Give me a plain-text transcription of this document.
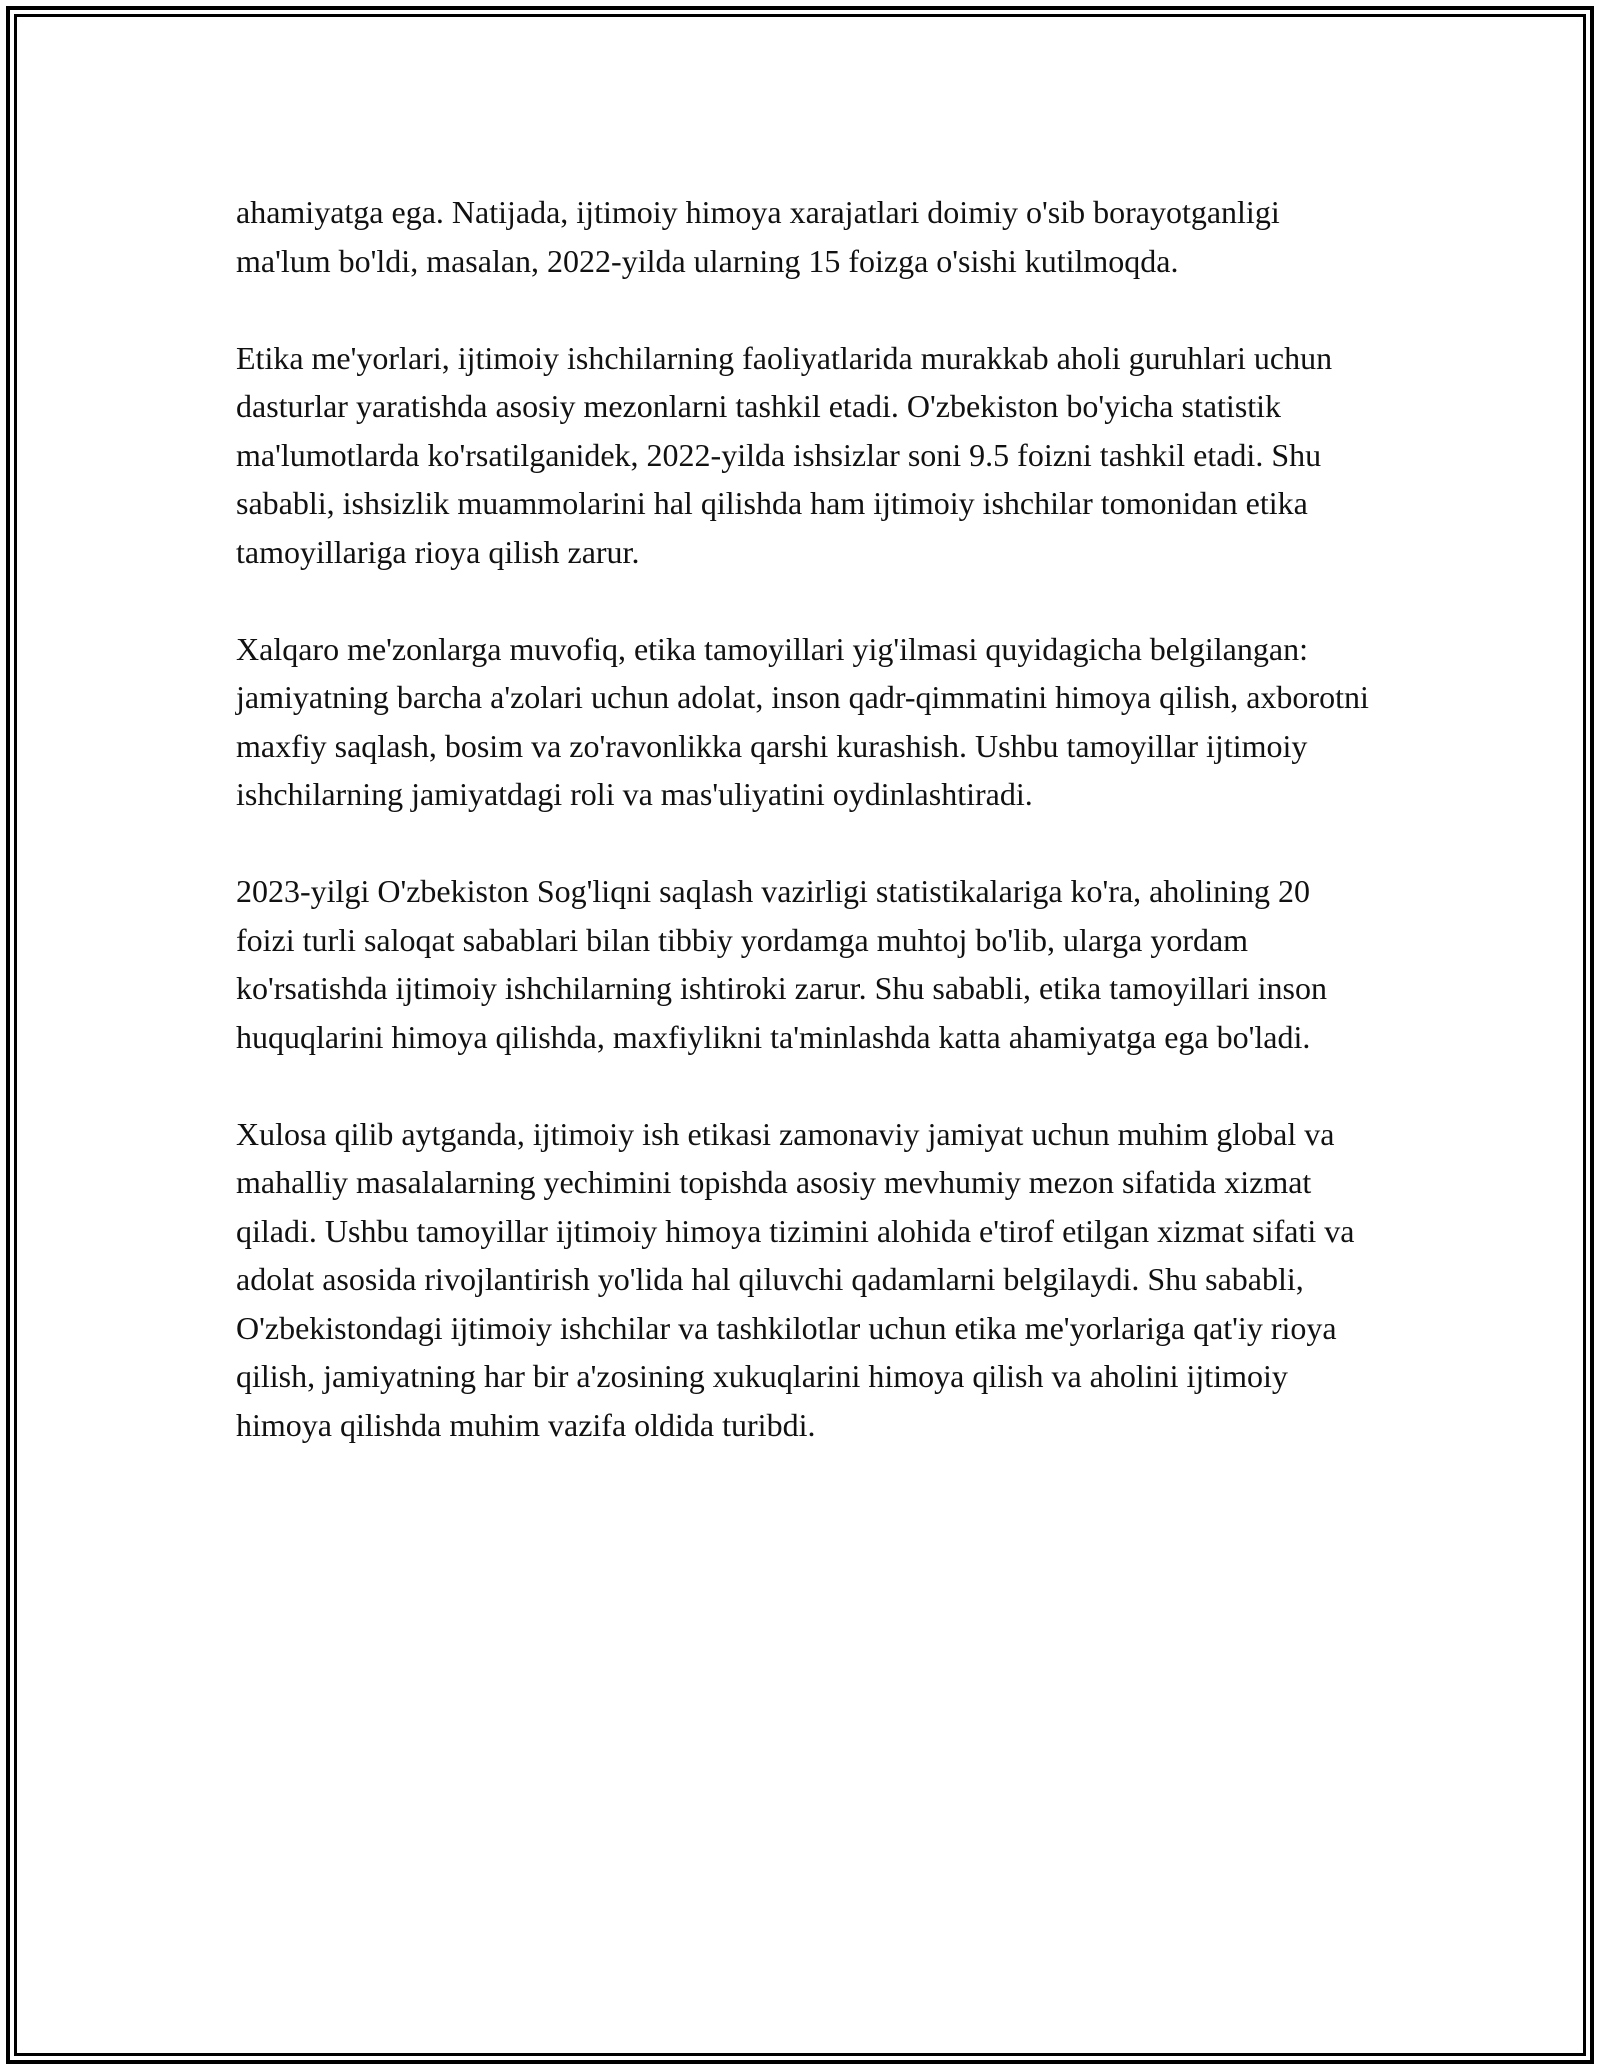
ahamiyatga ega. Natijada, ijtimoiy himoya xarajatlari doimiy o'sib borayotganligi ma'lum bo'ldi, masalan, 2022-yilda ularning 15 foizga o'sishi kutilmoqda.

Etika me'yorlari, ijtimoiy ishchilarning faoliyatlarida murakkab aholi guruhlari uchun dasturlar yaratishda asosiy mezonlarni tashkil etadi. O'zbekiston bo'yicha statistik ma'lumotlarda ko'rsatilganidek, 2022-yilda ishsizlar soni 9.5 foizni tashkil etadi. Shu sababli, ishsizlik muammolarini hal qilishda ham ijtimoiy ishchilar tomonidan etika tamoyillariga rioya qilish zarur.

Xalqaro me'zonlarga muvofiq, etika tamoyillari yig'ilmasi quyidagicha belgilangan: jamiyatning barcha a'zolari uchun adolat, inson qadr-qimmatini himoya qilish, axborotni maxfiy saqlash, bosim va zo'ravonlikka qarshi kurashish. Ushbu tamoyillar ijtimoiy ishchilarning jamiyatdagi roli va mas'uliyatini oydinlashtiradi.

2023-yilgi O'zbekiston Sog'liqni saqlash vazirligi statistikalariga ko'ra, aholining 20 foizi turli saloqat sabablari bilan tibbiy yordamga muhtoj bo'lib, ularga yordam ko'rsatishda ijtimoiy ishchilarning ishtiroki zarur. Shu sababli, etika tamoyillari inson huquqlarini himoya qilishda, maxfiylikni ta'minlashda katta ahamiyatga ega bo'ladi.

Xulosa qilib aytganda, ijtimoiy ish etikasi zamonaviy jamiyat uchun muhim global va mahalliy masalalarning yechimini topishda asosiy mevhumiy mezon sifatida xizmat qiladi. Ushbu tamoyillar ijtimoiy himoya tizimini alohida e'tirof etilgan xizmat sifati va adolat asosida rivojlantirish yo'lida hal qiluvchi qadamlarni belgilaydi. Shu sababli, O'zbekistondagi ijtimoiy ishchilar va tashkilotlar uchun etika me'yorlariga qat'iy rioya qilish, jamiyatning har bir a'zosining xukuqlarini himoya qilish va aholini ijtimoiy himoya qilishda muhim vazifa oldida turibdi.
